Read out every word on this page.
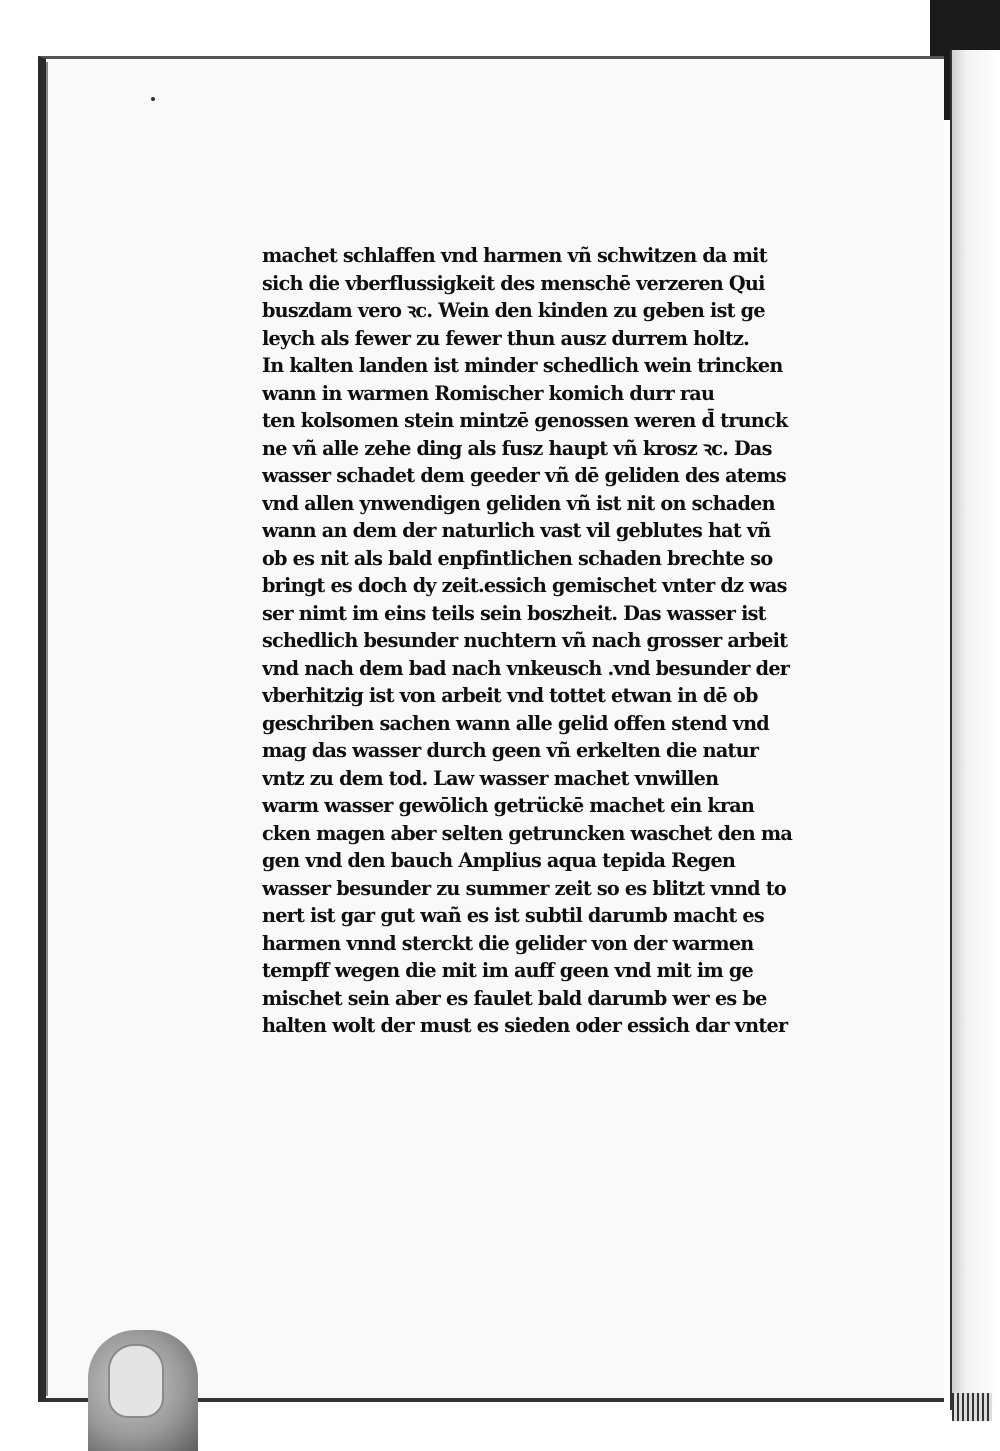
machet schlaffen vnd harmen vñ schwitzen da mit
sich die vberflussigkeit des menschē verzeren Qui
buszdam vero ꝛc. Wein den kinden zu geben ist ge
leych als fewer zu fewer thun ausz durrem holtz.
In kalten landen ist minder schedlich wein trincken
wann in warmen Romischer komich durr rau
ten kolsomen stein mintzē genossen weren d̄ trunck
ne vñ alle zehe ding als fusz haupt vñ krosz ꝛc. Das
wasser schadet dem geeder vñ dē geliden des atems
vnd allen ynwendigen geliden vñ ist nit on schaden
wann an dem der naturlich vast vil geblutes hat vñ
ob es nit als bald enpfintlichen schaden brechte so
bringt es doch dy zeit.essich gemischet vnter dz was
ser nimt im eins teils sein boszheit. Das wasser ist
schedlich besunder nuchtern vñ nach grosser arbeit
vnd nach dem bad nach vnkeusch .vnd besunder der
vberhitzig ist von arbeit vnd tottet etwan in dē ob
geschriben sachen wann alle gelid offen stend vnd
mag das wasser durch geen vñ erkelten die natur
vntz zu dem tod. Law wasser machet vnwillen
warm wasser gewōlich getrückē machet ein kran
cken magen aber selten getruncken waschet den ma
gen vnd den bauch Amplius aqua tepida Regen
wasser besunder zu summer zeit so es blitzt vnnd to
nert ist gar gut wañ es ist subtil darumb macht es
harmen vnnd sterckt die gelider von der warmen
tempff wegen die mit im auff geen vnd mit im ge
mischet sein aber es faulet bald darumb wer es be
halten wolt der must es sieden oder essich dar vnter
